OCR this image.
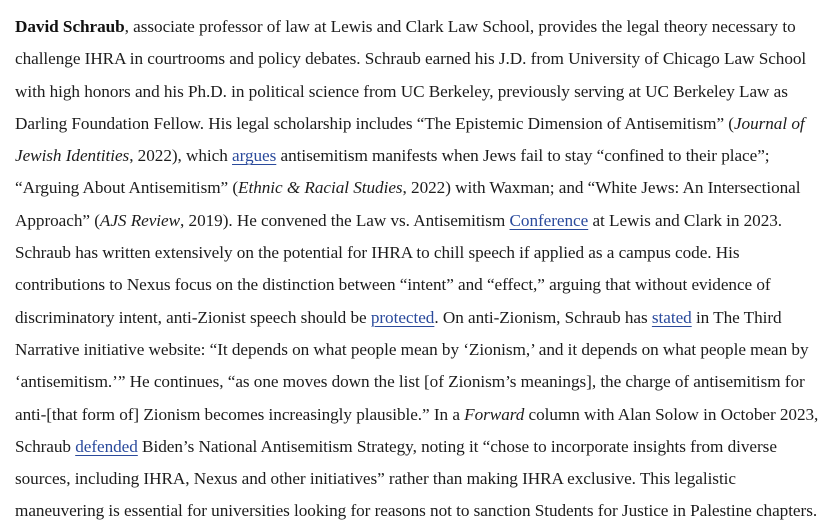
David Schraub, associate professor of law at Lewis and Clark Law School, provides the legal theory necessary to
challenge IHRA in courtrooms and policy debates. Schraub earned his J.D. from University of Chicago Law School
with high honors and his Ph.D. in political science from UC Berkeley, previously serving at UC Berkeley Law as
Darling Foundation Fellow. His legal scholarship includes “The Epistemic Dimension of Antisemitism” (Journal of
Jewish Identities, 2022), which argues antisemitism manifests when Jews fail to stay “confined to their place”;
“Arguing About Antisemitism” (Ethnic & Racial Studies, 2022) with Waxman; and “White Jews: An Intersectional
Approach” (AJS Review, 2019). He convened the Law vs. Antisemitism Conference at Lewis and Clark in 2023.
Schraub has written extensively on the potential for IHRA to chill speech if applied as a campus code. His
contributions to Nexus focus on the distinction between “intent” and “effect,” arguing that without evidence of
discriminatory intent, anti-Zionist speech should be protected. On anti-Zionism, Schraub has stated in The Third
Narrative initiative website: “It depends on what people mean by ‘Zionism,’ and it depends on what people mean by
‘antisemitism.’” He continues, “as one moves down the list [of Zionism’s meanings], the charge of antisemitism for
anti-[that form of] Zionism becomes increasingly plausible.” In a Forward column with Alan Solow in October 2023,
Schraub defended Biden’s National Antisemitism Strategy, noting it “chose to incorporate insights from diverse
sources, including IHRA, Nexus and other initiatives” rather than making IHRA exclusive. This legalistic
maneuvering is essential for universities looking for reasons not to sanction Students for Justice in Palestine chapters.
